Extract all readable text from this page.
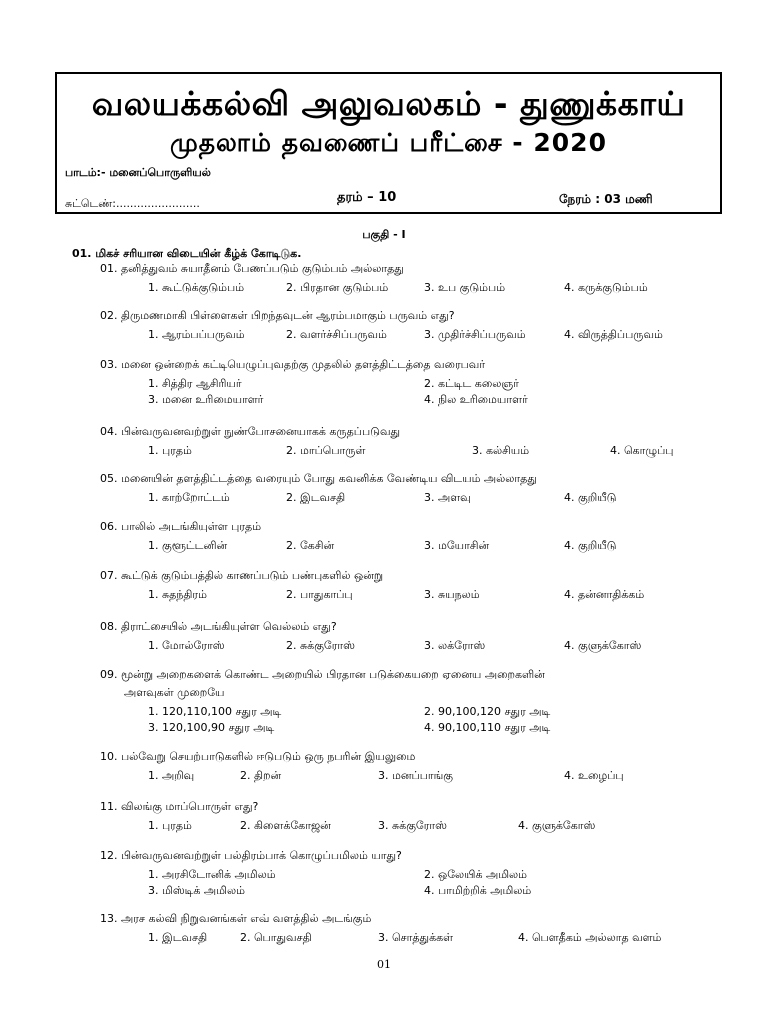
வலயக்கல்வி அலுவலகம் - துணுக்காய்
முதலாம் தவணைப் பரீட்சை - 2020
பாடம்:- மனைப்பொருளியல்
சுட்டெண்:........................	தரம் – 10	நேரம் : 03 மணி
பகுதி - I
01. மிகச் சரியான விடையின் கீழ்க் கோடிடுக.
01. தனித்துவம் சுயாதீனம் பேணப்படும் குடும்பம் அல்லாதது
1. கூட்டுக்குடும்பம்	2. பிரதான குடும்பம்	3. உப குடும்பம்	4. கருக்குடும்பம்
02. திருமணமாகி பிள்ளைகள் பிறந்தவுடன் ஆரம்பமாகும் பருவம் எது?
1. ஆரம்பப்பருவம்	2. வளர்ச்சிப்பருவம்	3. முதிர்ச்சிப்பருவம்	4. விருத்திப்பருவம்
03. மனை ஒன்றைக் கட்டியெழுப்புவதற்கு முதலில் தளத்திட்டத்தை வரைபவர்
1. சித்திர ஆசிரியர்	2. கட்டிட கலைஞர்
3. மனை உரிமையாளர்	4. நில உரிமையாளர்
04. பின்வருவனவற்றுள் நுண்போசனையாகக் கருதப்படுவது
1. புரதம்	2. மாப்பொருள்	3. கல்சியம்	4. கொழுப்பு
05. மனையின் தளத்திட்டத்தை வரையும் போது கவனிக்க வேண்டிய விடயம் அல்லாதது
1. காற்றோட்டம்	2. இடவசதி	3. அளவு	4. குறியீடு
06. பாலில் அடங்கியுள்ள புரதம்
1. குளூட்டனின்	2. கேசின்	3. மயோசின்	4. குறியீடு
07. கூட்டுக் குடும்பத்தில் காணப்படும் பண்புகளில் ஒன்று
1. சுதந்திரம்	2. பாதுகாப்பு	3. சுயநலம்	4. தன்னாதிக்கம்
08. திராட்சையில் அடங்கியுள்ள வெல்லம் எது?
1. மோல்ரோஸ்	2. சுக்குரோஸ்	3. லக்ரோஸ்	4. குளுக்கோஸ்
09. மூன்று அறைகளைக் கொண்ட அறையில் பிரதான படுக்கையறை ஏனைய அறைகளின்
அளவுகள் முறையே
1. 120,110,100 சதுர அடி	2. 90,100,120 சதுர அடி
3. 120,100,90 சதுர அடி	4. 90,100,110 சதுர அடி
10. பல்வேறு செயற்பாடுகளில் ஈடுபடும் ஒரு நபரின் இயலுமை
1. அறிவு	2. திறன்	3. மனப்பாங்கு	4. உழைப்பு
11. விலங்கு மாப்பொருள் எது?
1. புரதம்	2. கிளைக்கோஜன்	3. சுக்குரோஸ்	4. குளுக்கோஸ்
12. பின்வருவனவற்றுள் பல்திரம்பாக் கொழுப்பமிலம் யாது?
1. அரசிடோனிக் அமிலம்	2. ஒலேயிக் அமிலம்
3. மிஸ்டிக் அமிலம்	4. பாமிற்றிக் அமிலம்
13. அரச கல்வி நிறுவனங்கள் எவ் வளத்தில் அடங்கும்
1. இடவசதி	2. பொதுவசதி	3. சொத்துக்கள்	4. பௌதீகம் அல்லாத வளம்
01
